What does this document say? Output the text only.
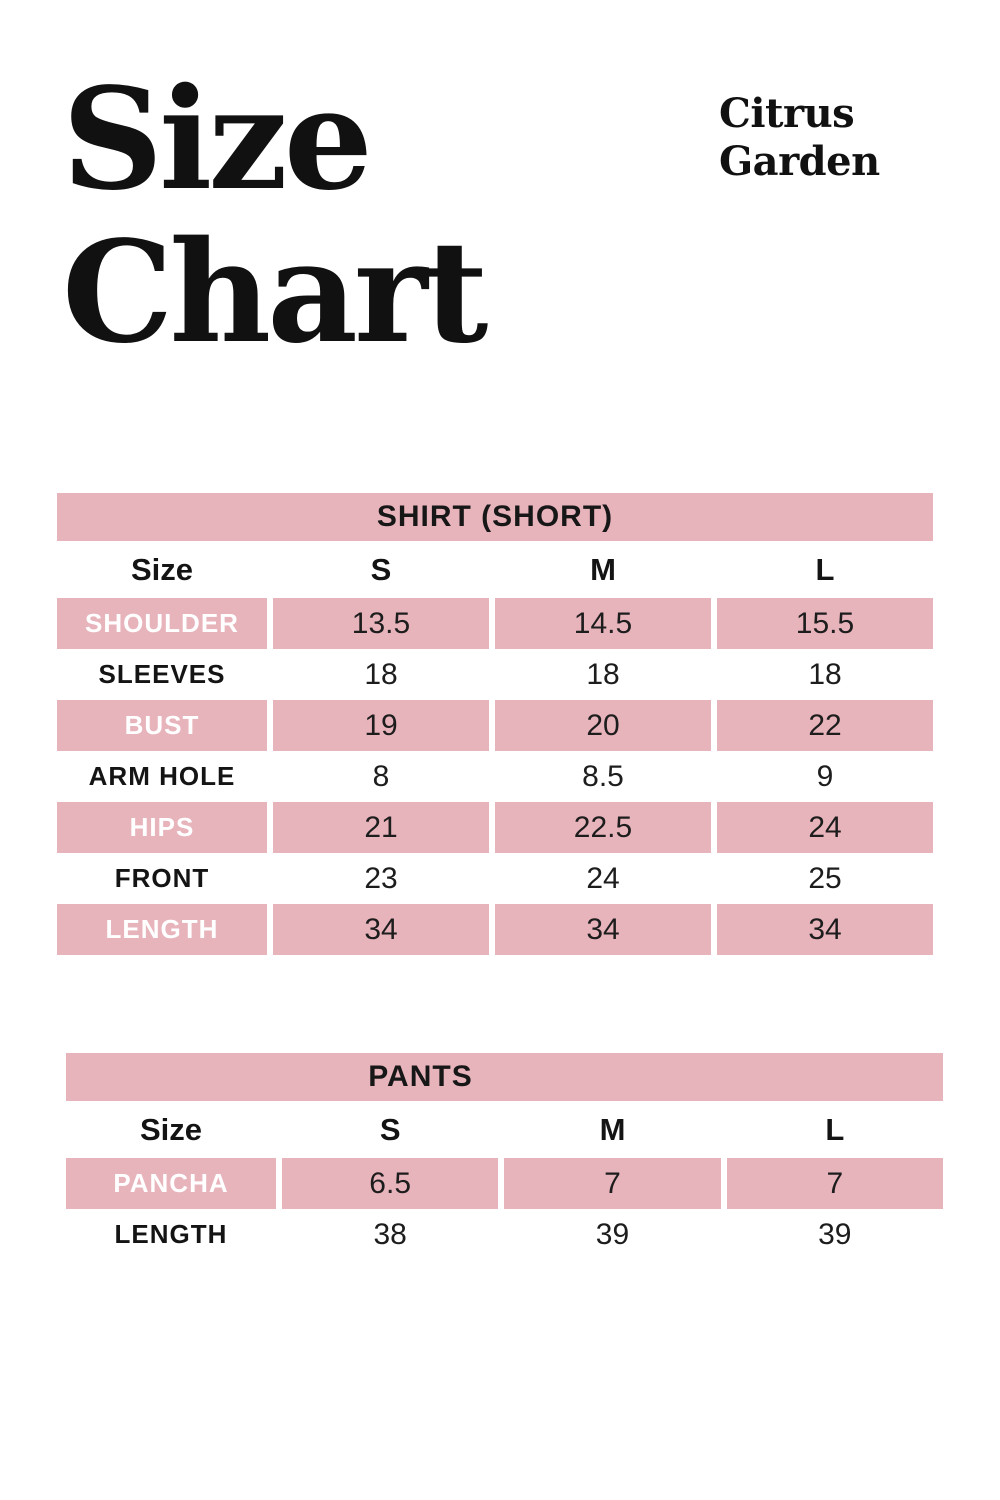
Size
Chart
Citrus
Garden
SHIRT (SHORT)
Size	S	M	L
SHOULDER	13.5	14.5	15.5
SLEEVES	18	18	18
BUST	19	20	22
ARM HOLE	8	8.5	9
HIPS	21	22.5	24
FRONT	23	24	25
LENGTH	34	34	34
PANTS
Size	S	M	L
PANCHA	6.5	7	7
LENGTH	38	39	39
